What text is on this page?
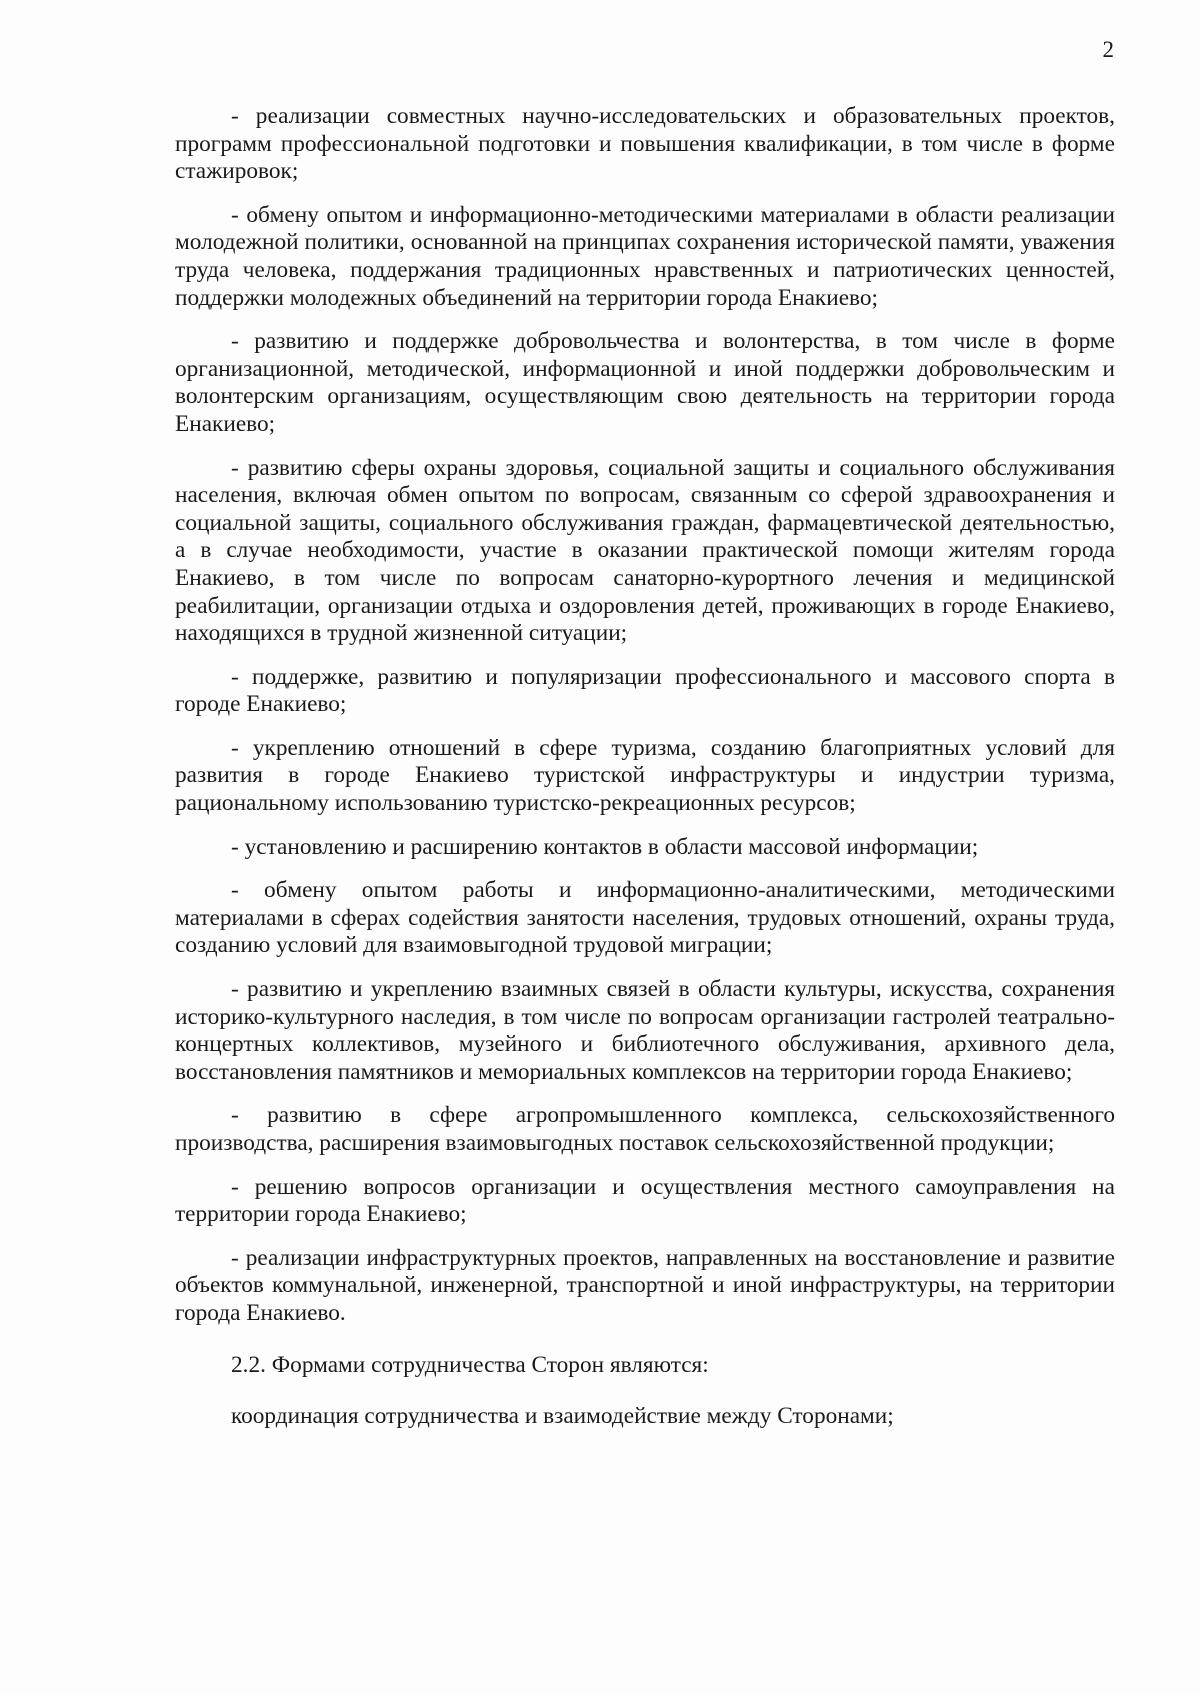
2

- реализации совместных научно-исследовательских и образовательных проектов, программ профессиональной подготовки и повышения квалификации, в том числе в форме стажировок;

- обмену опытом и информационно-методическими материалами в области реализации молодежной политики, основанной на принципах сохранения исторической памяти, уважения труда человека, поддержания традиционных нравственных и патриотических ценностей, поддержки молодежных объединений на территории города Енакиево;

- развитию и поддержке добровольчества и волонтерства, в том числе в форме организационной, методической, информационной и иной поддержки добровольческим и волонтерским организациям, осуществляющим свою деятельность на территории города Енакиево;

- развитию сферы охраны здоровья, социальной защиты и социального обслуживания населения, включая обмен опытом по вопросам, связанным со сферой здравоохранения и социальной защиты, социального обслуживания граждан, фармацевтической деятельностью, а в случае необходимости, участие в оказании практической помощи жителям города Енакиево, в том числе по вопросам санаторно-курортного лечения и медицинской реабилитации, организации отдыха и оздоровления детей, проживающих в городе Енакиево, находящихся в трудной жизненной ситуации;

- поддержке, развитию и популяризации профессионального и массового спорта в городе Енакиево;

- укреплению отношений в сфере туризма, созданию благоприятных условий для развития в городе Енакиево туристской инфраструктуры и индустрии туризма, рациональному использованию туристско-рекреационных ресурсов;

- установлению и расширению контактов в области массовой информации;

- обмену опытом работы и информационно-аналитическими, методическими материалами в сферах содействия занятости населения, трудовых отношений, охраны труда, созданию условий для взаимовыгодной трудовой миграции;

- развитию и укреплению взаимных связей в области культуры, искусства, сохранения историко-культурного наследия, в том числе по вопросам организации гастролей театрально-концертных коллективов, музейного и библиотечного обслуживания, архивного дела, восстановления памятников и мемориальных комплексов на территории города Енакиево;

- развитию в сфере агропромышленного комплекса, сельскохозяйственного производства, расширения взаимовыгодных поставок сельскохозяйственной продукции;

- решению вопросов организации и осуществления местного самоуправления на территории города Енакиево;

- реализации инфраструктурных проектов, направленных на восстановление и развитие объектов коммунальной, инженерной, транспортной и иной инфраструктуры, на территории города Енакиево.

2.2. Формами сотрудничества Сторон являются:

координация сотрудничества и взаимодействие между Сторонами;
